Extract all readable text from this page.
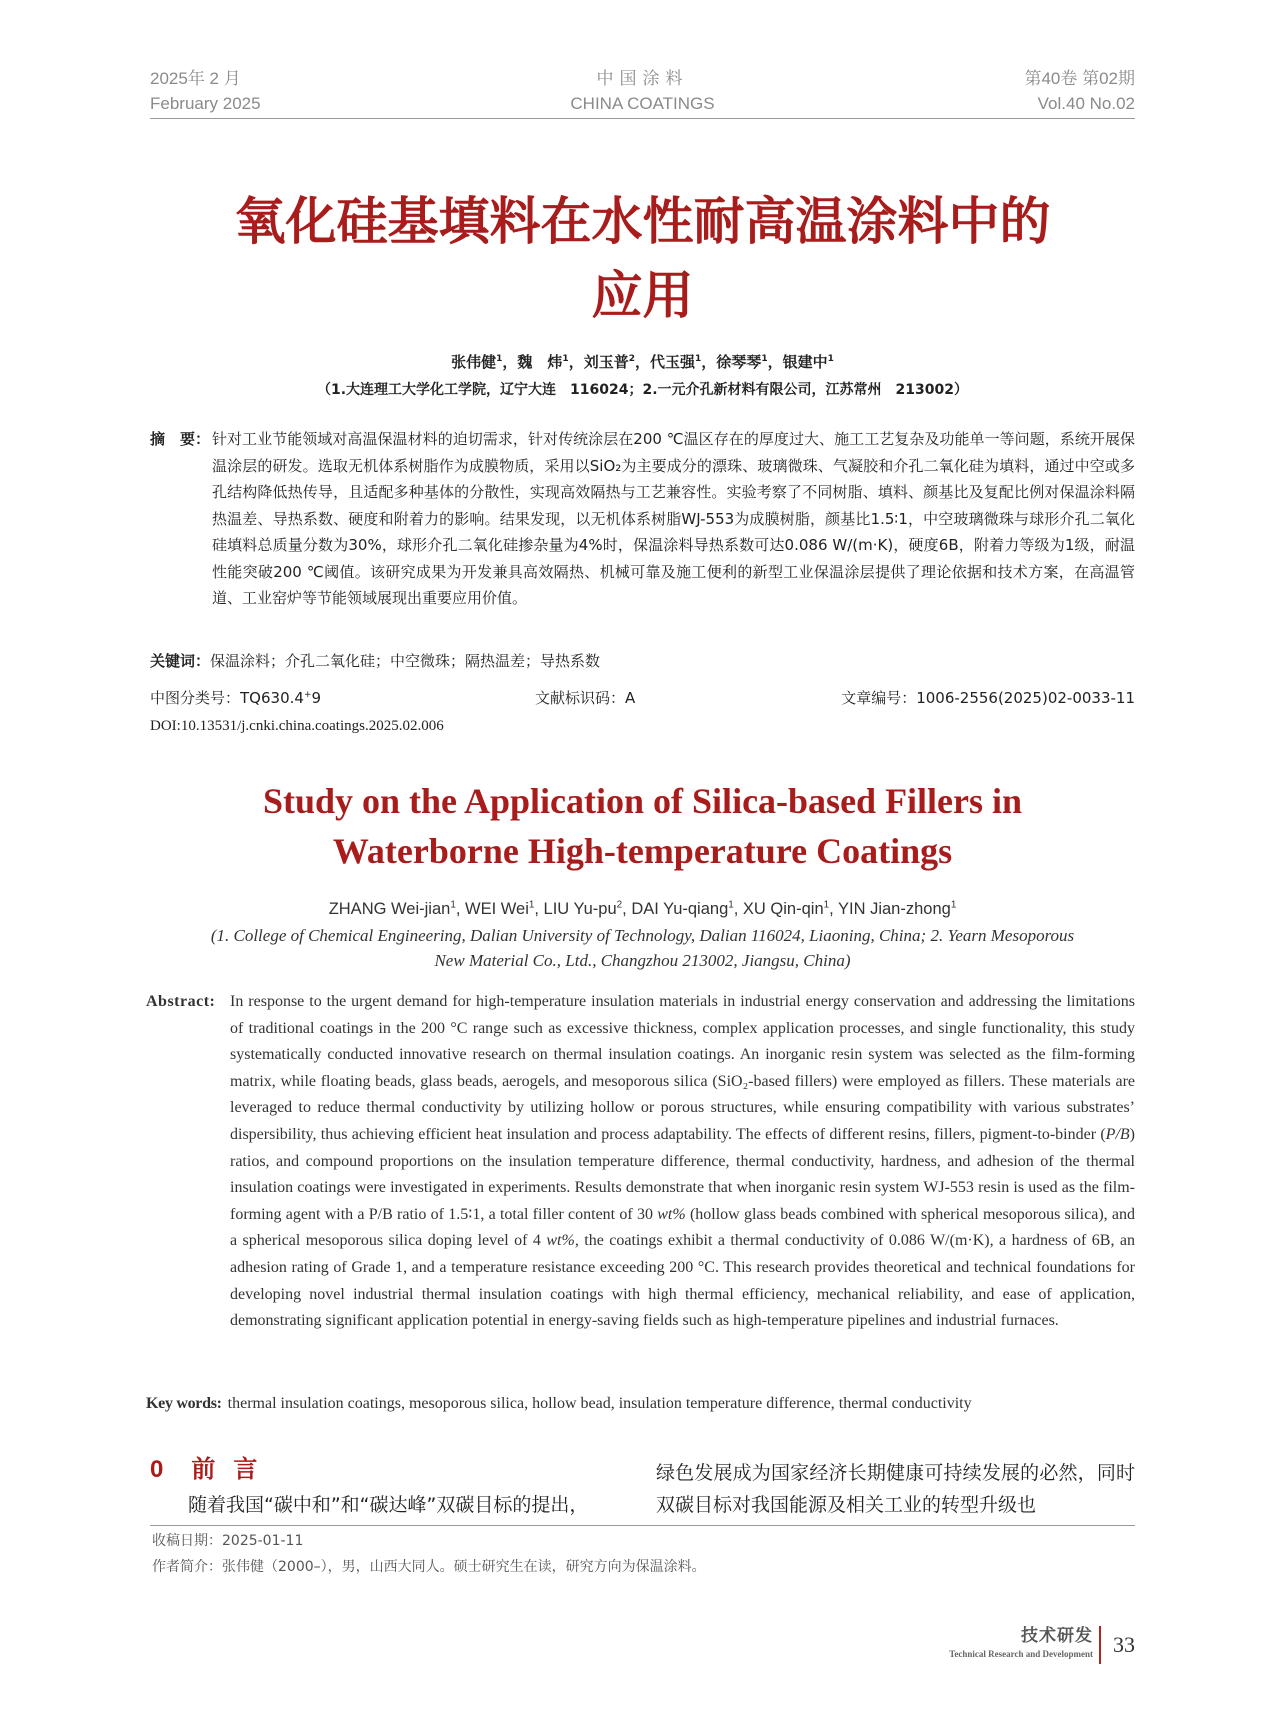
2025年 2 月
February 2025
中国涂料
CHINA COATINGS
第40卷 第02期
Vol.40 No.02
氧化硅基填料在水性耐高温涂料中的
应用
张伟健$^1$，魏　炜$^1$，刘玉普$^2$，代玉强$^1$，徐琴琴$^1$，银建中$^1$
（1.大连理工大学化工学院，辽宁大连　116024；2.一元介孔新材料有限公司，江苏常州　213002）
摘　要： 针对工业节能领域对高温保温材料的迫切需求，针对传统涂层在200 ℃温区存在的厚度过大、施工工艺复杂及功能单一等问题，系统开展保温涂层的研发。选取无机体系树脂作为成膜物质，采用以SiO₂为主要成分的漂珠、玻璃微珠、气凝胶和介孔二氧化硅为填料，通过中空或多孔结构降低热传导，且适配多种基体的分散性，实现高效隔热与工艺兼容性。实验考察了不同树脂、填料、颜基比及复配比例对保温涂料隔热温差、导热系数、硬度和附着力的影响。结果发现，以无机体系树脂WJ-553为成膜树脂，颜基比1.5∶1，中空玻璃微珠与球形介孔二氧化硅填料总质量分数为30%，球形介孔二氧化硅掺杂量为4%时，保温涂料导热系数可达0.086 W/(m·K)，硬度6B，附着力等级为1级，耐温性能突破200 ℃阈值。该研究成果为开发兼具高效隔热、机械可靠及施工便利的新型工业保温涂层提供了理论依据和技术方案，在高温管道、工业窑炉等节能领域展现出重要应用价值。
关键词：保温涂料；介孔二氧化硅；中空微珠；隔热温差；导热系数
中图分类号：TQ630.4+9	文献标识码：A	文章编号：1006-2556(2025)02-0033-11
DOI:10.13531/j.cnki.china.coatings.2025.02.006
Study on the Application of Silica-based Fillers in
Waterborne High-temperature Coatings
ZHANG Wei-jian$^1$, WEI Wei$^1$, LIU $Yu-pu^2$, DAI Yu-qiang$^1$, XU Qin-qin$^1$, YIN Jian-zhong$^1$
(1. College of Chemical Engineering, Dalian University of Technology, Dalian 116024, Liaoning, China; 2. Yearn Mesoporous
New Material Co., Ltd., Changzhou 213002, Jiangsu, China)
Abstract: In response to the urgent demand for high-temperature insulation materials in industrial energy conservation and addressing the limitations of traditional coatings in the 200 °C range such as excessive thickness, complex application processes, and single functionality, this study systematically conducted innovative research on thermal insulation coatings. An inorganic resin system was selected as the film-forming matrix, while floating beads, glass beads, aerogels, and mesoporous silica (SiO₂-based fillers) were employed as fillers. These materials are leveraged to reduce thermal conductivity by utilizing hollow or porous structures, while ensuring compatibility with various substrates’ dispersibility, thus achieving efficient heat insulation and process adaptability. The effects of different resins, fillers, pigment-to-binder (P/B) ratios, and compound proportions on the insulation temperature difference, thermal conductivity, hardness, and adhesion of the thermal insulation coatings were investigated in experiments. Results demonstrate that when inorganic resin system WJ-553 resin is used as the film-forming agent with a P/B ratio of 1.5∶1, a total filler content of 30 wt% (hollow glass beads combined with spherical mesoporous silica), and a spherical mesoporous silica doping level of 4 wt%, the coatings exhibit a thermal conductivity of 0.086 W/(m·K), a hardness of 6B, an adhesion rating of Grade 1, and a temperature resistance exceeding 200 °C. This research provides theoretical and technical foundations for developing novel industrial thermal insulation coatings with high thermal efficiency, mechanical reliability, and ease of application, demonstrating significant application potential in energy-saving fields such as high-temperature pipelines and industrial furnaces.
Key words: thermal insulation coatings, mesoporous silica, hollow bead, insulation temperature difference, thermal conductivity
0 前言
随着我国“碳中和”和“碳达峰”双碳目标的提出，
绿色发展成为国家经济长期健康可持续发展的必然，同时双碳目标对我国能源及相关工业的转型升级也
收稿日期：2025-01-11
作者简介：张伟健（2000–），男，山西大同人。硕士研究生在读，研究方向为保温涂料。
技术研发
Technical Research and Development 33
